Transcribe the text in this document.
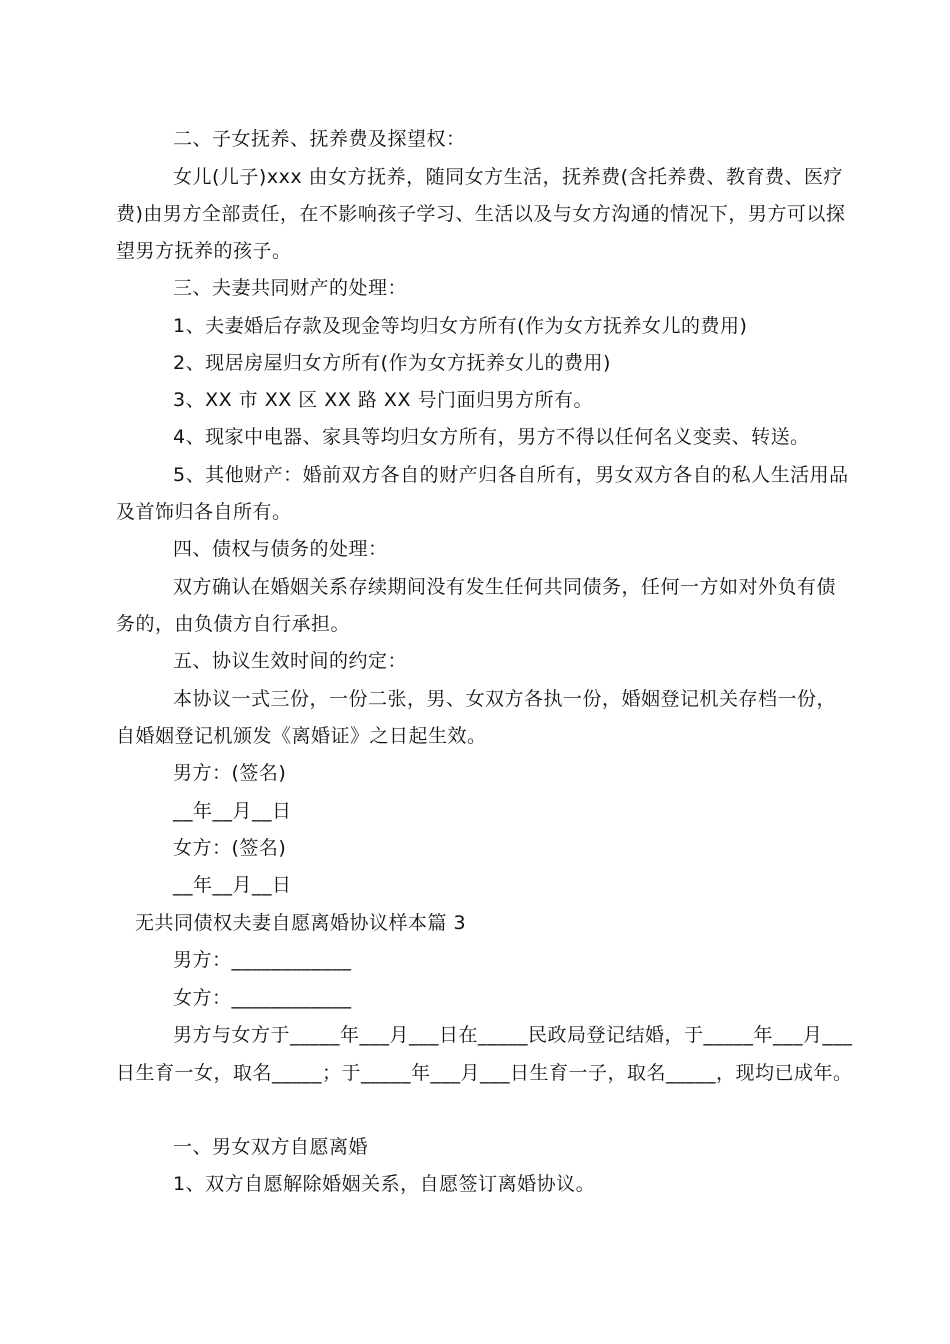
二、子女抚养、抚养费及探望权：
女儿(儿子)xxx 由女方抚养，随同女方生活，抚养费(含托养费、教育费、医疗
费)由男方全部责任，在不影响孩子学习、生活以及与女方沟通的情况下，男方可以探
望男方抚养的孩子。
三、夫妻共同财产的处理：
1、夫妻婚后存款及现金等均归女方所有(作为女方抚养女儿的费用)
2、现居房屋归女方所有(作为女方抚养女儿的费用)
3、XX 市 XX 区 XX 路 XX 号门面归男方所有。
4、现家中电器、家具等均归女方所有，男方不得以任何名义变卖、转送。
5、其他财产：婚前双方各自的财产归各自所有，男女双方各自的私人生活用品
及首饰归各自所有。
四、债权与债务的处理：
双方确认在婚姻关系存续期间没有发生任何共同债务，任何一方如对外负有债
务的，由负债方自行承担。
五、协议生效时间的约定：
本协议一式三份，一份二张，男、女双方各执一份，婚姻登记机关存档一份，
自婚姻登记机颁发《离婚证》之日起生效。
男方：(签名)
__年__月__日
女方：(签名)
__年__月__日
无共同债权夫妻自愿离婚协议样本篇 3
男方：____________
女方：____________
男方与女方于_____年___月___日在_____民政局登记结婚，于_____年___月___
日生育一女，取名_____；于_____年___月___日生育一子，取名_____，现均已成年。
一、男女双方自愿离婚
1、双方自愿解除婚姻关系，自愿签订离婚协议。
